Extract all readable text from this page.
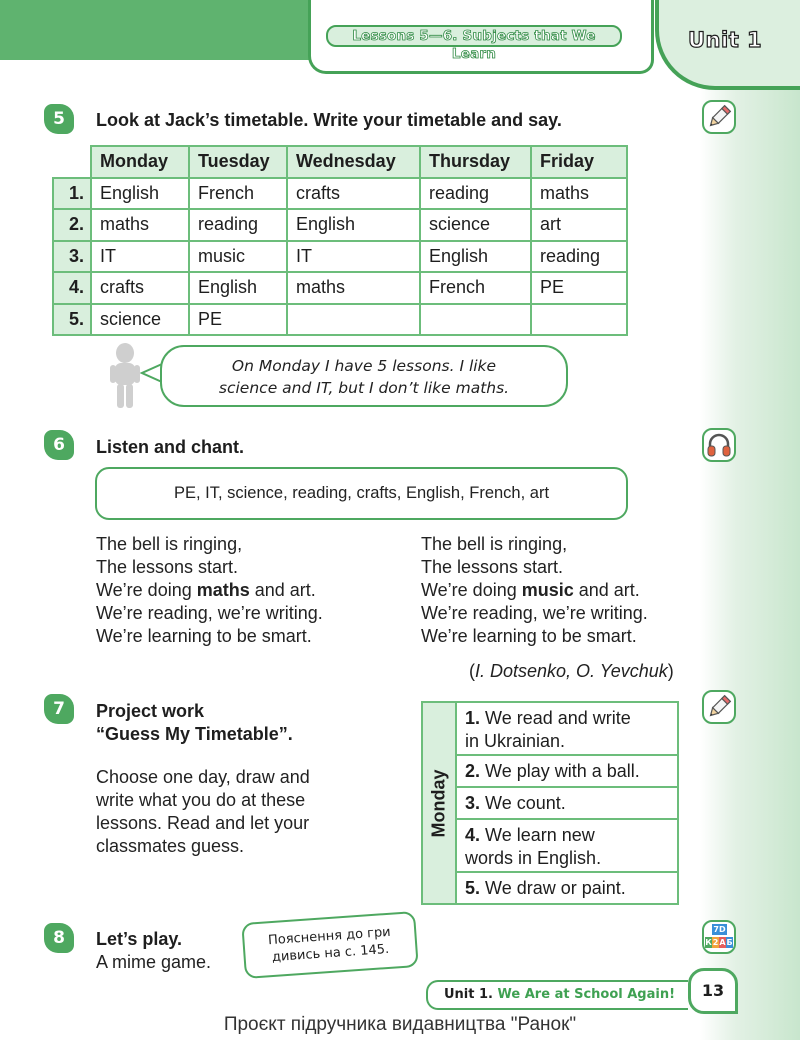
Lessons 5—6. Subjects that We Learn
Unit 1
5	Look at Jack’s timetable. Write your timetable and say.
	Monday	Tuesday	Wednesday	Thursday	Friday
1.	English	French	crafts	reading	maths
2.	maths	reading	English	science	art
3.	IT	music	IT	English	reading
4.	crafts	English	maths	French	PE
5.	science	PE			
On Monday I have 5 lessons. I like
science and IT, but I don’t like maths.
6	Listen and chant.
PE, IT, science, reading, crafts, English, French, art
The bell is ringing,
The lessons start.
We’re doing maths and art.
We’re reading, we’re writing.
We’re learning to be smart.
The bell is ringing,
The lessons start.
We’re doing music and art.
We’re reading, we’re writing.
We’re learning to be smart.
(I. Dotsenko, O. Yevchuk)
7	Project work
“Guess My Timetable”.
Choose one day, draw and
write what you do at these
lessons. Read and let your
classmates guess.
Monday
1. We read and write
in Ukrainian.
2. We play with a ball.
3. We count.
4. We learn new
words in English.
5. We draw or paint.
8	Let’s play.
A mime game.
Пояснення до гри
дивись на с. 145.
7D
К 2 А Б
Unit 1. We Are at School Again!	13
Проєкт підручника видавництва "Ранок"
